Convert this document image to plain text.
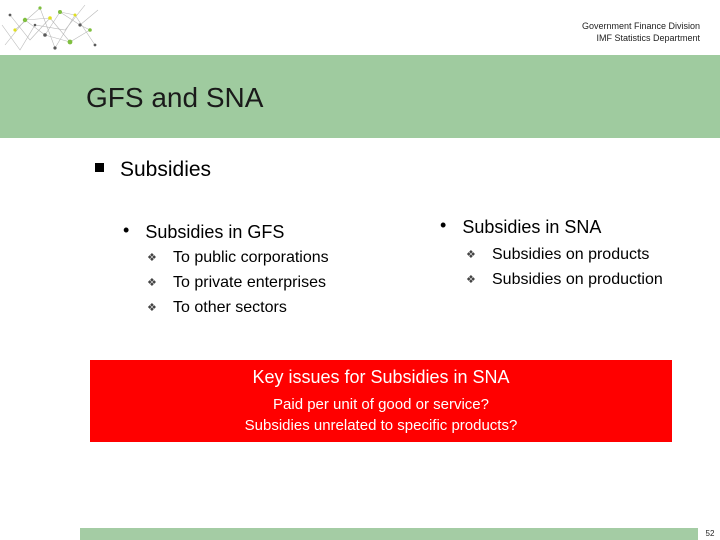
Government Finance Division
IMF Statistics Department
GFS and SNA
Subsidies
• Subsidies in GFS
❖ To public corporations
❖ To private enterprises
❖ To other sectors
• Subsidies in SNA
❖ Subsidies on products
❖ Subsidies on production
Key issues for Subsidies in SNA
Paid per unit of good or service?
Subsidies unrelated to specific products?
52
